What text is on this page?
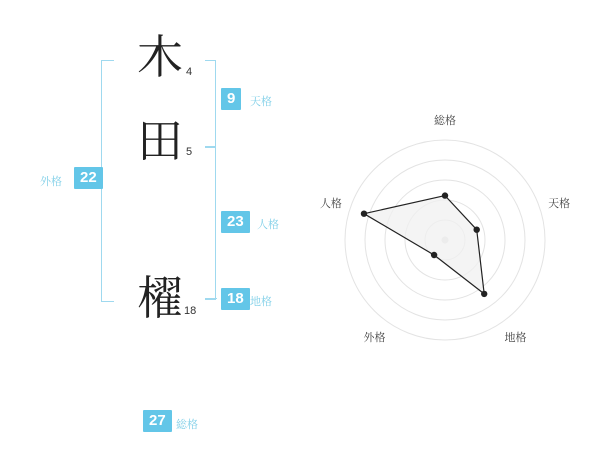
木
田
櫂
4
5
18
9	天格
23	人格
18 地格
22
外格
27 総格
総格
天格
地格
外格
人格
